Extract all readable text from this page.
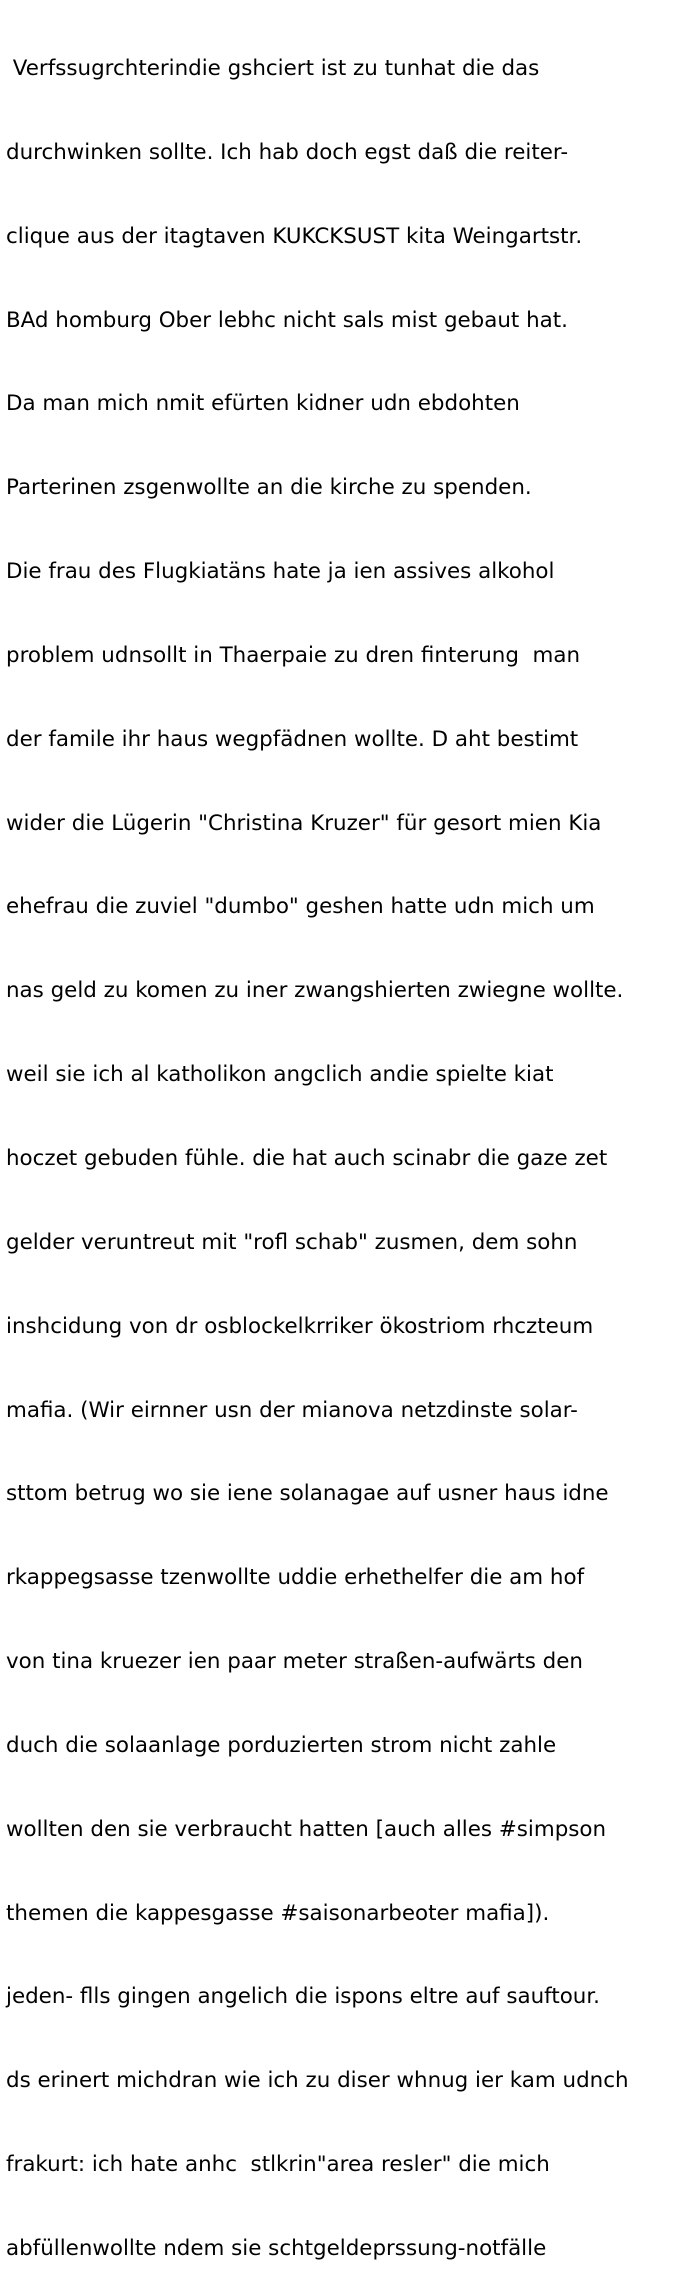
Verfssugrchterindie gshciert ist zu tunhat die das

durchwinken sollte. Ich hab doch egst daß die reiter-

clique aus der itagtaven KUKCKSUST kita Weingartstr.

BAd homburg Ober lebhc nicht sals mist gebaut hat.

Da man mich nmit efürten kidner udn ebdohten

Parterinen zsgenwollte an die kirche zu spenden.

Die frau des Flugkiatäns hate ja ien assives alkohol

problem udnsollt in Thaerpaie zu dren finterung  man

der famile ihr haus wegpfädnen wollte. D aht bestimt

wider die Lügerin "Christina Kruzer" für gesort mien Kia

ehefrau die zuviel "dumbo" geshen hatte udn mich um

nas geld zu komen zu iner zwangshierten zwiegne wollte.

weil sie ich al katholikon angclich andie spielte kiat

hoczet gebuden fühle. die hat auch scinabr die gaze zet

gelder veruntreut mit "rofl schab" zusmen, dem sohn

inshcidung von dr osblockelkrriker ökostriom rhczteum

mafia. (Wir eirnner usn der mianova netzdinste solar-

sttom betrug wo sie iene solanagae auf usner haus idne

rkappegsasse tzenwollte uddie erhethelfer die am hof

von tina kruezer ien paar meter straßen-aufwärts den

duch die solaanlage porduzierten strom nicht zahle

wollten den sie verbraucht hatten [auch alles #simpson

themen die kappesgasse #saisonarbeoter mafia]).

jeden- flls gingen angelich die ispons eltre auf sauftour.

ds erinert michdran wie ich zu diser whnug ier kam udnch

frakurt: ich hate anhc  stlkrin"area resler" die mich

abfüllenwollte ndem sie schtgeldeprssung-notfälle
